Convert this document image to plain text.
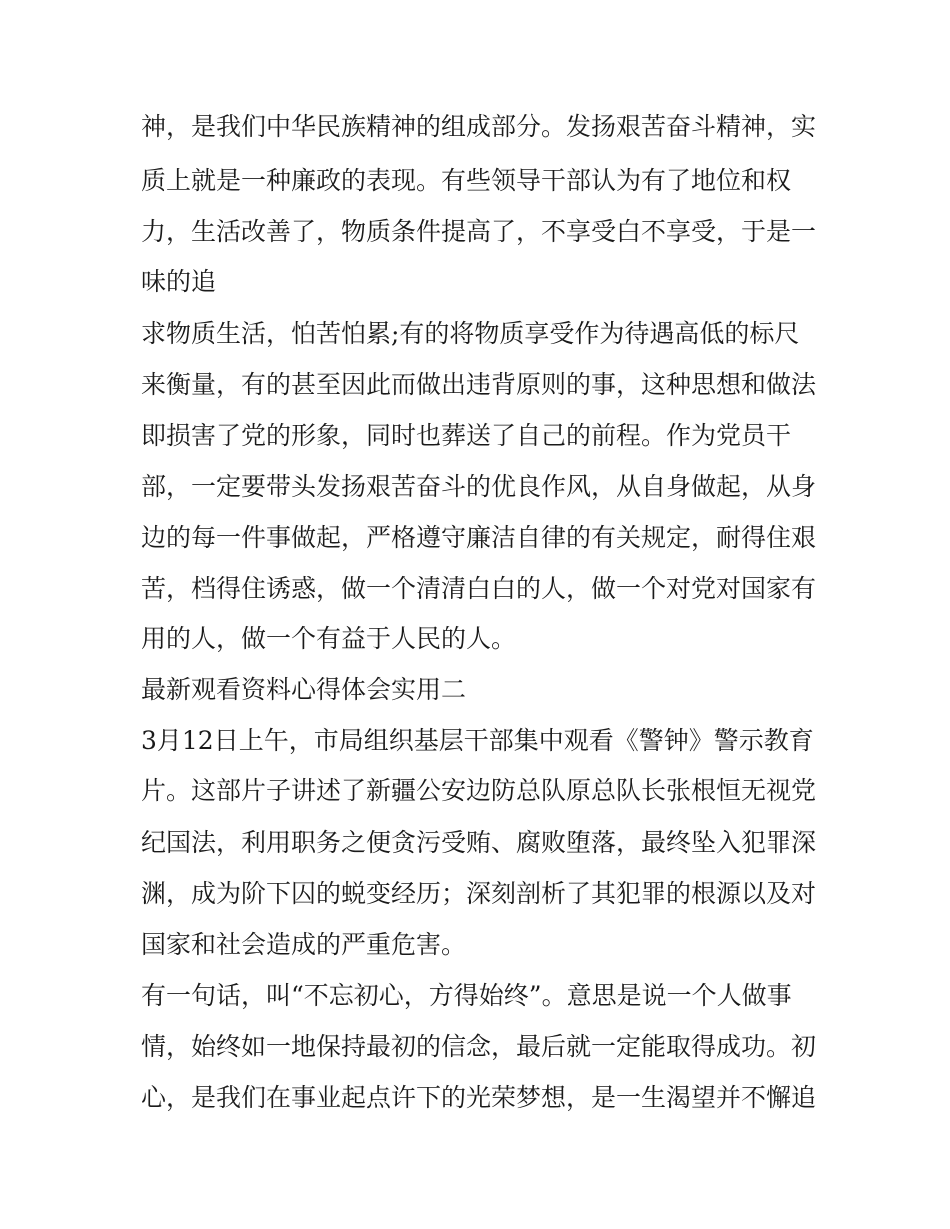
神，是我们中华民族精神的组成部分。发扬艰苦奋斗精神，实
质上就是一种廉政的表现。有些领导干部认为有了地位和权
力，生活改善了，物质条件提高了，不享受白不享受，于是一
味的追
求物质生活，怕苦怕累;有的将物质享受作为待遇高低的标尺
来衡量，有的甚至因此而做出违背原则的事，这种思想和做法
即损害了党的形象，同时也葬送了自己的前程。作为党员干
部，一定要带头发扬艰苦奋斗的优良作风，从自身做起，从身
边的每一件事做起，严格遵守廉洁自律的有关规定，耐得住艰
苦，档得住诱惑，做一个清清白白的人，做一个对党对国家有
用的人，做一个有益于人民的人。
最新观看资料心得体会实用二
3月12日上午，市局组织基层干部集中观看《警钟》警示教育
片。这部片子讲述了新疆公安边防总队原总队长张根恒无视党
纪国法，利用职务之便贪污受贿、腐败堕落，最终坠入犯罪深
渊，成为阶下囚的蜕变经历；深刻剖析了其犯罪的根源以及对
国家和社会造成的严重危害。
有一句话，叫“不忘初心，方得始终”。意思是说一个人做事
情，始终如一地保持最初的信念，最后就一定能取得成功。初
心，是我们在事业起点许下的光荣梦想，是一生渴望并不懈追
